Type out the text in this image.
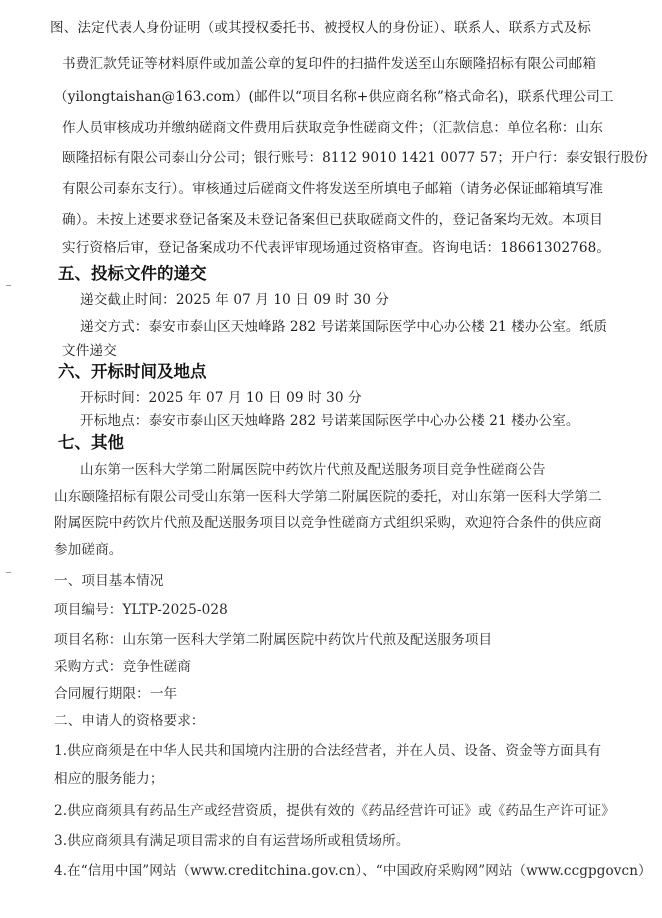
图、法定代表人身份证明（或其授权委托书、被授权人的身份证）、联系人、联系方式及标
书费汇款凭证等材料原件或加盖公章的复印件的扫描件发送至山东颐隆招标有限公司邮箱
（yilongtaishan@163.com）(邮件以“项目名称+供应商名称”格式命名)，联系代理公司工
作人员审核成功并缴纳磋商文件费用后获取竞争性磋商文件；（汇款信息：单位名称：山东
颐隆招标有限公司泰山分公司；银行账号：8112 9010 1421 0077 57；开户行：泰安银行股份
有限公司泰东支行）。审核通过后磋商文件将发送至所填电子邮箱（请务必保证邮箱填写准
确）。未按上述要求登记备案及未登记备案但已获取磋商文件的，登记备案均无效。本项目
实行资格后审，登记备案成功不代表评审现场通过资格审查。咨询电话：18661302768。
五、投标文件的递交
递交截止时间：2025 年 07 月 10 日 09 时 30 分
递交方式：泰安市泰山区天烛峰路 282 号诺莱国际医学中心办公楼 21 楼办公室。纸质
文件递交
六、开标时间及地点
开标时间：2025 年 07 月 10 日 09 时 30 分
开标地点：泰安市泰山区天烛峰路 282 号诺莱国际医学中心办公楼 21 楼办公室。
七、其他
山东第一医科大学第二附属医院中药饮片代煎及配送服务项目竞争性磋商公告
山东颐隆招标有限公司受山东第一医科大学第二附属医院的委托，对山东第一医科大学第二
附属医院中药饮片代煎及配送服务项目以竞争性磋商方式组织采购，欢迎符合条件的供应商
参加磋商。
一、项目基本情况
项目编号：YLTP-2025-028
项目名称：山东第一医科大学第二附属医院中药饮片代煎及配送服务项目
采购方式：竞争性磋商
合同履行期限：一年
二、申请人的资格要求：
1.供应商须是在中华人民共和国境内注册的合法经营者，并在人员、设备、资金等方面具有
相应的服务能力；
2.供应商须具有药品生产或经营资质，提供有效的《药品经营许可证》或《药品生产许可证》
3.供应商须具有满足项目需求的自有运营场所或租赁场所。
4.在“信用中国”网站（www.creditchina.gov.cn）、“中国政府采购网”网站（www.ccgpgovcn）
